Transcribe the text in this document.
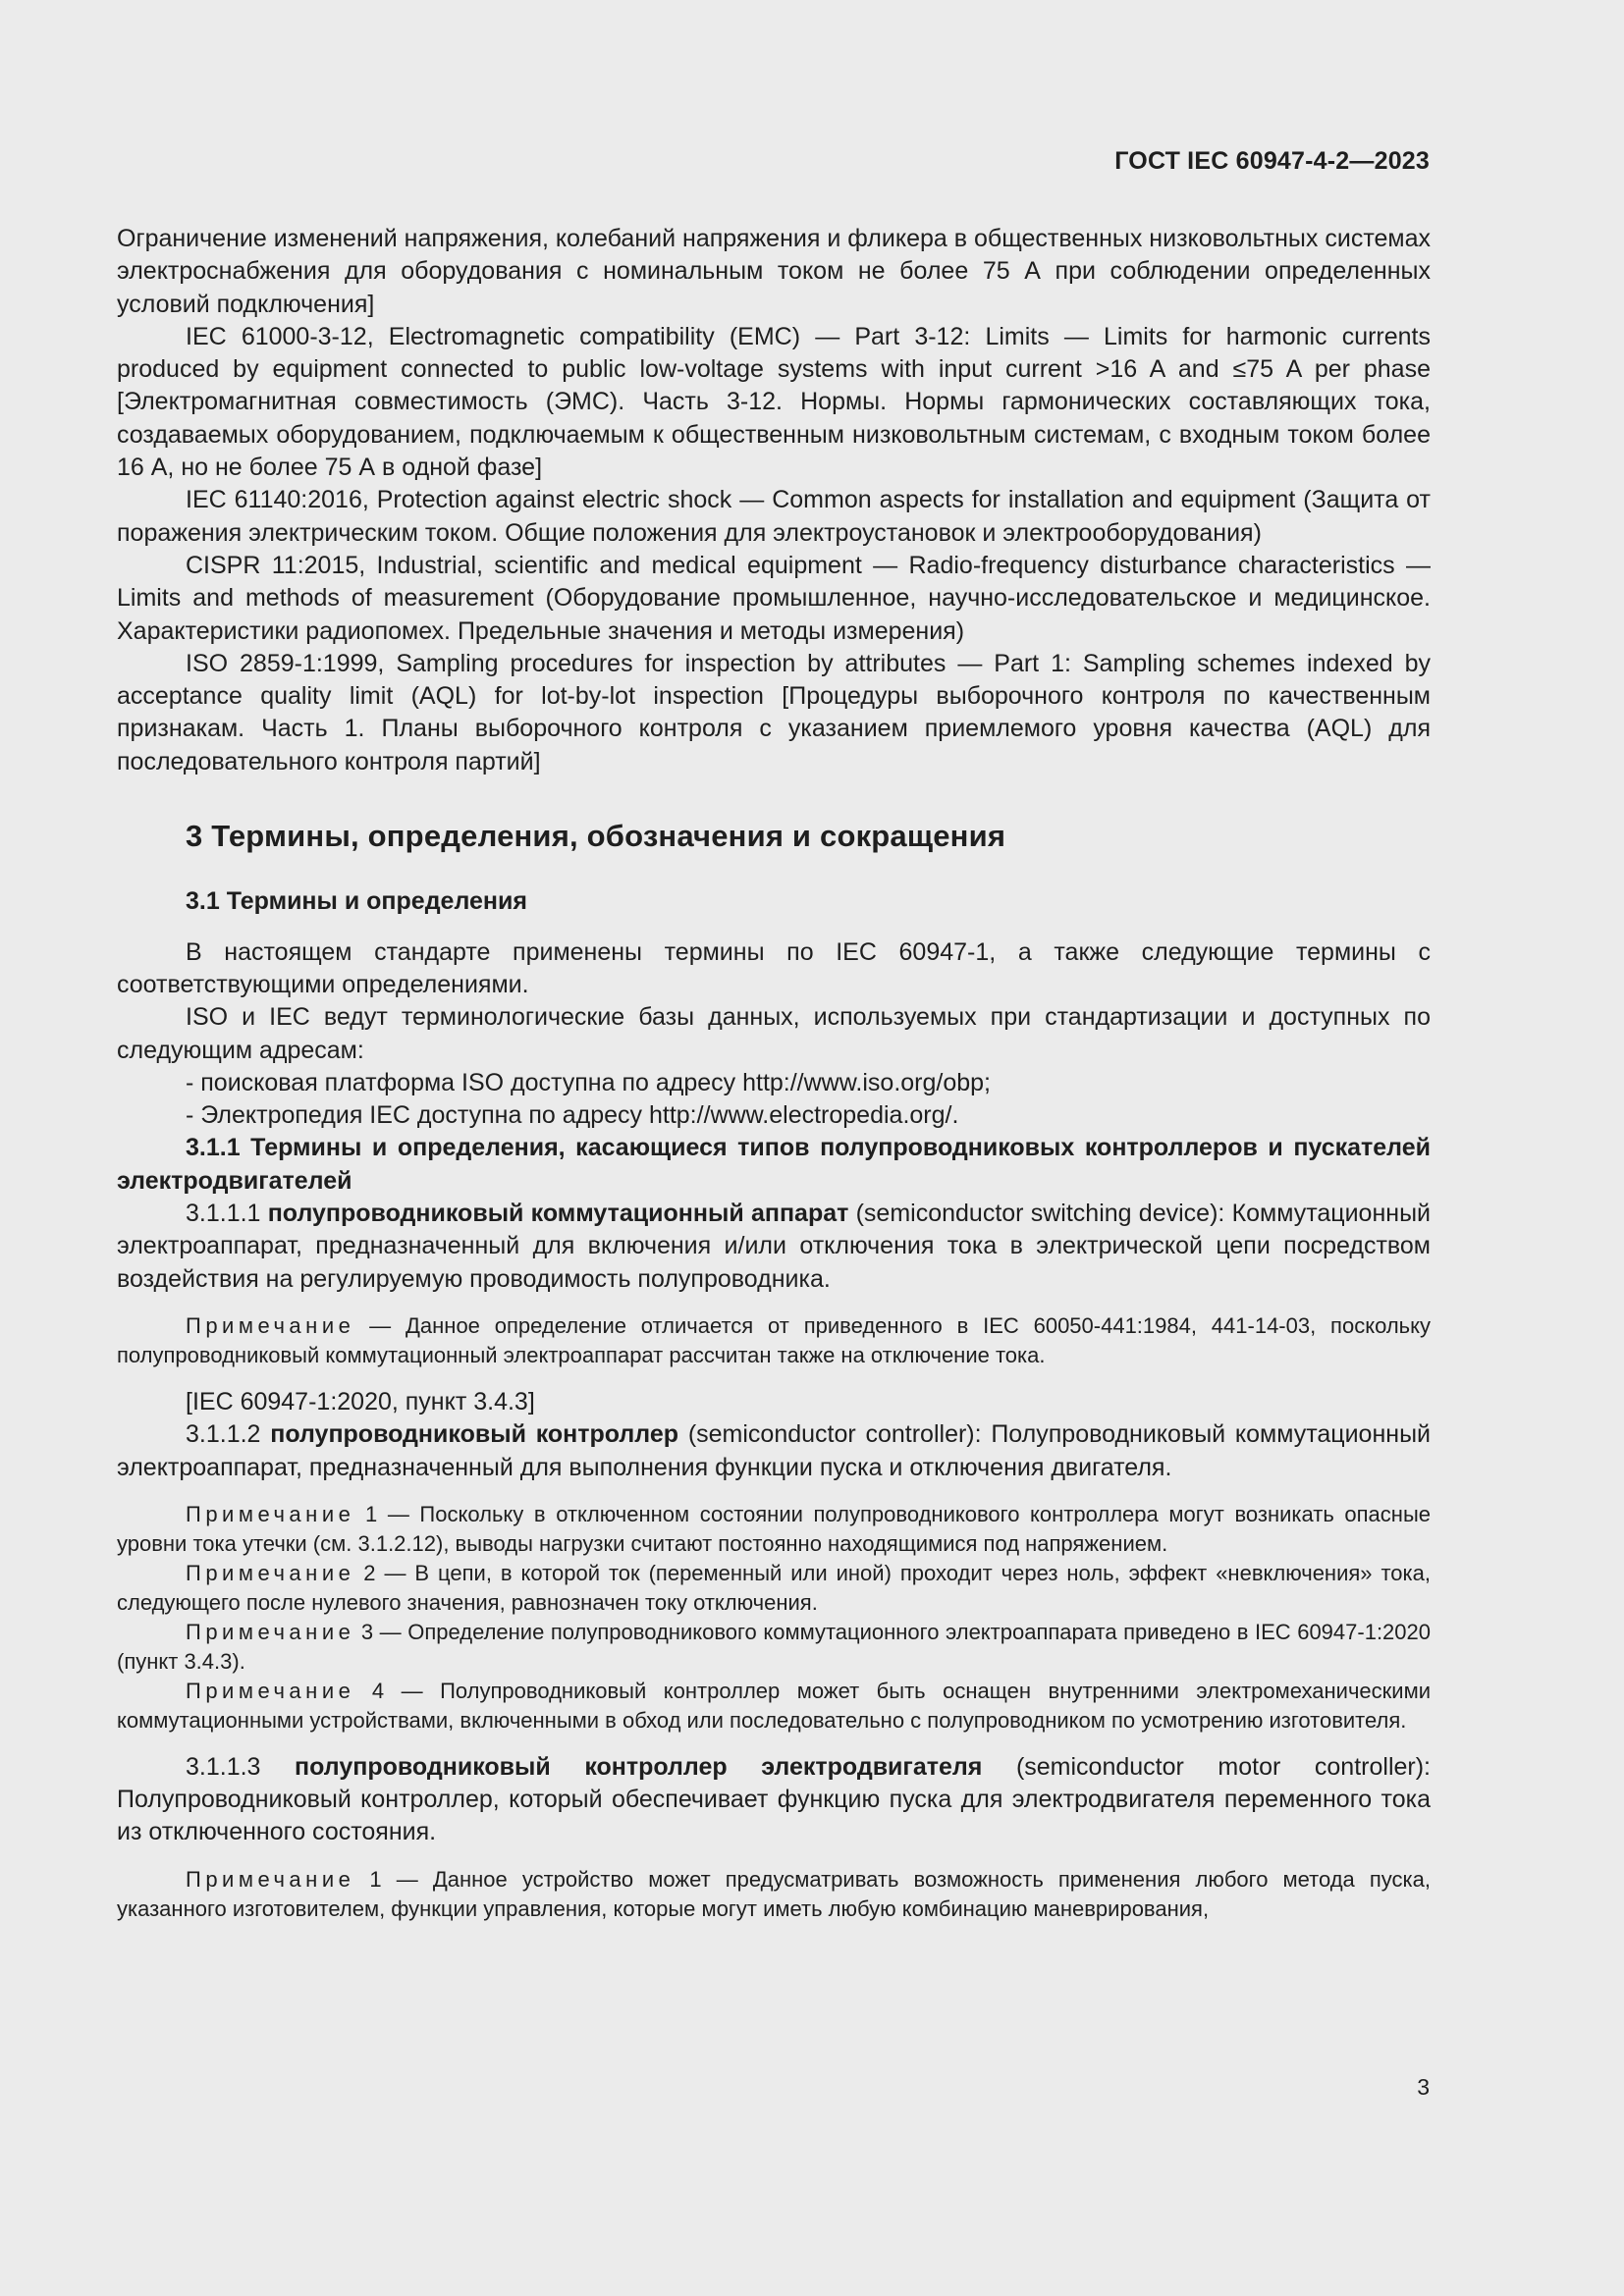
ГОСТ IEC 60947-4-2—2023

Ограничение изменений напряжения, колебаний напряжения и фликера в общественных низковольтных системах электроснабжения для оборудования с номинальным током не более 75 А при соблюдении определенных условий подключения]

IEC 61000-3-12, Electromagnetic compatibility (EMC) — Part 3-12: Limits — Limits for harmonic currents produced by equipment connected to public low-voltage systems with input current >16 A and ≤75 A per phase [Электромагнитная совместимость (ЭМС). Часть 3-12. Нормы. Нормы гармонических составляющих тока, создаваемых оборудованием, подключаемым к общественным низковольтным системам, с входным током более 16 А, но не более 75 А в одной фазе]

IEC 61140:2016, Protection against electric shock — Common aspects for installation and equipment (Защита от поражения электрическим током. Общие положения для электроустановок и электрооборудования)

CISPR 11:2015, Industrial, scientific and medical equipment — Radio-frequency disturbance characteristics — Limits and methods of measurement (Оборудование промышленное, научно-исследовательское и медицинское. Характеристики радиопомех. Предельные значения и методы измерения)

ISO 2859-1:1999, Sampling procedures for inspection by attributes — Part 1: Sampling schemes indexed by acceptance quality limit (AQL) for lot-by-lot inspection [Процедуры выборочного контроля по качественным признакам. Часть 1. Планы выборочного контроля с указанием приемлемого уровня качества (AQL) для последовательного контроля партий]

3 Термины, определения, обозначения и сокращения
3.1 Термины и определения

В настоящем стандарте применены термины по IEC 60947-1, а также следующие термины с соответствующими определениями.

ISO и IEC ведут терминологические базы данных, используемых при стандартизации и доступных по следующим адресам:

- поисковая платформа ISO доступна по адресу http://www.iso.org/obp;

- Электропедия IEC доступна по адресу http://www.electropedia.org/.

3.1.1 Термины и определения, касающиеся типов полупроводниковых контроллеров и пускателей электродвигателей

3.1.1.1 полупроводниковый коммутационный аппарат (semiconductor switching device): Коммутационный электроаппарат, предназначенный для включения и/или отключения тока в электрической цепи посредством воздействия на регулируемую проводимость полупроводника.

Примечание — Данное определение отличается от приведенного в IEC 60050-441:1984, 441-14-03, поскольку полупроводниковый коммутационный электроаппарат рассчитан также на отключение тока.

[IEC 60947-1:2020, пункт 3.4.3]

3.1.1.2 полупроводниковый контроллер (semiconductor controller): Полупроводниковый коммутационный электроаппарат, предназначенный для выполнения функции пуска и отключения двигателя.

Примечание 1 — Поскольку в отключенном состоянии полупроводникового контроллера могут возникать опасные уровни тока утечки (см. 3.1.2.12), выводы нагрузки считают постоянно находящимися под напряжением.

Примечание 2 — В цепи, в которой ток (переменный или иной) проходит через ноль, эффект «невключения» тока, следующего после нулевого значения, равнозначен току отключения.

Примечание 3 — Определение полупроводникового коммутационного электроаппарата приведено в IEC 60947-1:2020 (пункт 3.4.3).

Примечание 4 — Полупроводниковый контроллер может быть оснащен внутренними электромеханическими коммутационными устройствами, включенными в обход или последовательно с полупроводником по усмотрению изготовителя.

3.1.1.3 полупроводниковый контроллер электродвигателя (semiconductor motor controller): Полупроводниковый контроллер, который обеспечивает функцию пуска для электродвигателя переменного тока из отключенного состояния.

Примечание 1 — Данное устройство может предусматривать возможность применения любого метода пуска, указанного изготовителем, функции управления, которые могут иметь любую комбинацию маневрирования,

3
